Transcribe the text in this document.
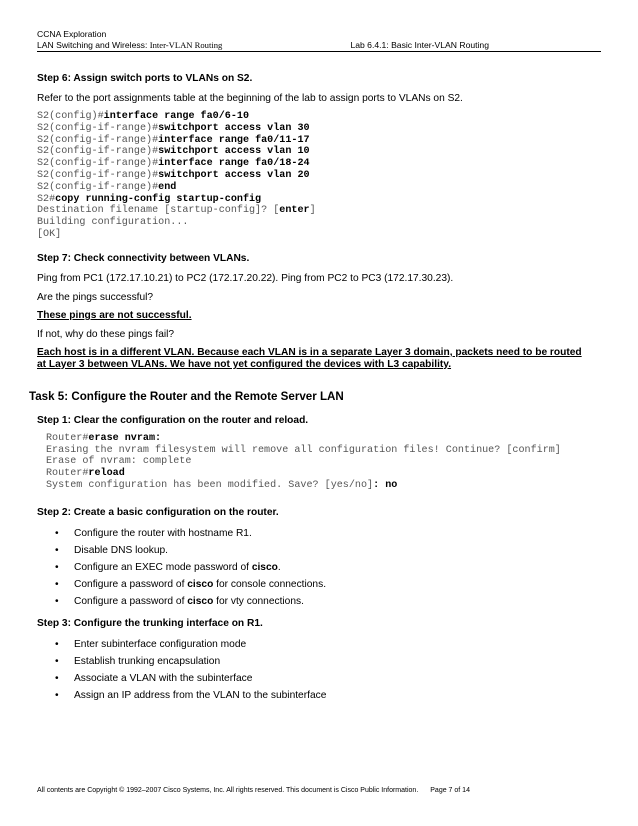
CCNA Exploration
LAN Switching and Wireless: Inter-VLAN Routing	Lab 6.4.1: Basic Inter-VLAN Routing

Step 6: Assign switch ports to VLANs on S2.

Refer to the port assignments table at the beginning of the lab to assign ports to VLANs on S2.

S2(config)#interface range fa0/6-10
S2(config-if-range)#switchport access vlan 30
S2(config-if-range)#interface range fa0/11-17
S2(config-if-range)#switchport access vlan 10
S2(config-if-range)#interface range fa0/18-24
S2(config-if-range)#switchport access vlan 20
S2(config-if-range)#end
S2#copy running-config startup-config
Destination filename [startup-config]? [enter]
Building configuration...
[OK]

Step 7: Check connectivity between VLANs.

Ping from PC1 (172.17.10.21) to PC2 (172.17.20.22). Ping from PC2 to PC3 (172.17.30.23).

Are the pings successful?

These pings are not successful.

If not, why do these pings fail?

Each host is in a different VLAN. Because each VLAN is in a separate Layer 3 domain, packets need to be routed

at Layer 3 between VLANs. We have not yet configured the devices with L3 capability.

Task 5: Configure the Router and the Remote Server LAN

Step 1: Clear the configuration on the router and reload.

Router#erase nvram:
Erasing the nvram filesystem will remove all configuration files! Continue? [confirm]
Erase of nvram: complete
Router#reload
System configuration has been modified. Save? [yes/no]: no

Step 2: Create a basic configuration on the router.

• Configure the router with hostname R1.
• Disable DNS lookup.
• Configure an EXEC mode password of cisco.
• Configure a password of cisco for console connections.
• Configure a password of cisco for vty connections.

Step 3: Configure the trunking interface on R1.

• Enter subinterface configuration mode
• Establish trunking encapsulation
• Associate a VLAN with the subinterface
• Assign an IP address from the VLAN to the subinterface
All contents are Copyright © 1992–2007 Cisco Systems, Inc. All rights reserved. This document is Cisco Public Information. Page 7 of 14
